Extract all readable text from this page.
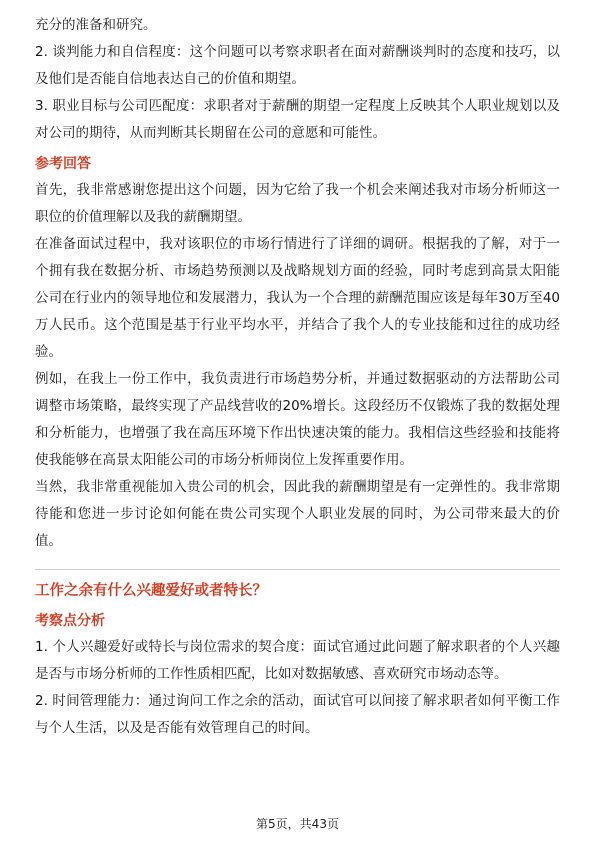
充分的准备和研究。

2. 谈判能力和自信程度：这个问题可以考察求职者在面对薪酬谈判时的态度和技巧，以及他们是否能自信地表达自己的价值和期望。

3. 职业目标与公司匹配度：求职者对于薪酬的期望一定程度上反映其个人职业规划以及对公司的期待，从而判断其长期留在公司的意愿和可能性。

参考回答

首先，我非常感谢您提出这个问题，因为它给了我一个机会来阐述我对市场分析师这一职位的价值理解以及我的薪酬期望。

在准备面试过程中，我对该职位的市场行情进行了详细的调研。根据我的了解，对于一个拥有我在数据分析、市场趋势预测以及战略规划方面的经验，同时考虑到高景太阳能公司在行业内的领导地位和发展潜力，我认为一个合理的薪酬范围应该是每年30万至40万人民币。这个范围是基于行业平均水平，并结合了我个人的专业技能和过往的成功经验。

例如，在我上一份工作中，我负责进行市场趋势分析，并通过数据驱动的方法帮助公司调整市场策略，最终实现了产品线营收的20%增长。这段经历不仅锻炼了我的数据处理和分析能力，也增强了我在高压环境下作出快速决策的能力。我相信这些经验和技能将使我能够在高景太阳能公司的市场分析师岗位上发挥重要作用。

当然，我非常重视能加入贵公司的机会，因此我的薪酬期望是有一定弹性的。我非常期待能和您进一步讨论如何能在贵公司实现个人职业发展的同时，为公司带来最大的价值。

工作之余有什么兴趣爱好或者特长？
考察点分析

1. 个人兴趣爱好或特长与岗位需求的契合度：面试官通过此问题了解求职者的个人兴趣是否与市场分析师的工作性质相匹配，比如对数据敏感、喜欢研究市场动态等。

2. 时间管理能力：通过询问工作之余的活动，面试官可以间接了解求职者如何平衡工作与个人生活，以及是否能有效管理自己的时间。

第5页，共43页
